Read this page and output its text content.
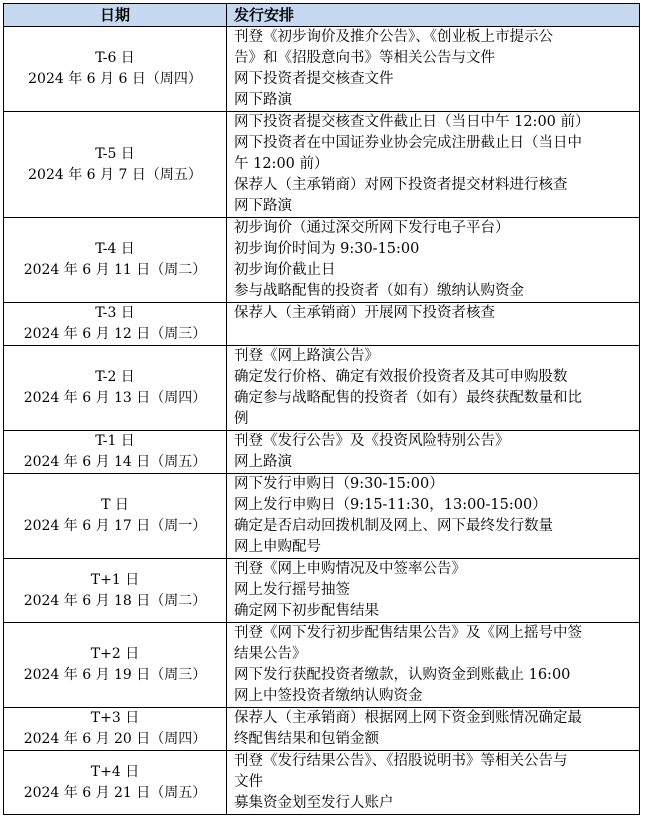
日期	发行安排

T-6 日
2024 年 6 月 6 日（周四）	刊登《初步询价及推介公告》、《创业板上市提示公
告》和《招股意向书》等相关公告与文件
网下投资者提交核查文件
网下路演

T-5 日
2024 年 6 月 7 日（周五）	网下投资者提交核查文件截止日（当日中午 12:00 前）
网下投资者在中国证券业协会完成注册截止日（当日中
午 12:00 前）
保荐人（主承销商）对网下投资者提交材料进行核查
网下路演

T-4 日
2024 年 6 月 11 日（周二）	初步询价（通过深交所网下发行电子平台）
初步询价时间为 9:30-15:00
初步询价截止日
参与战略配售的投资者（如有）缴纳认购资金

T-3 日
2024 年 6 月 12 日（周三）	保荐人（主承销商）开展网下投资者核查

T-2 日
2024 年 6 月 13 日（周四）	刊登《网上路演公告》
确定发行价格、确定有效报价投资者及其可申购股数
确定参与战略配售的投资者（如有）最终获配数量和比
例

T-1 日
2024 年 6 月 14 日（周五）	刊登《发行公告》及《投资风险特别公告》
网上路演

T 日
2024 年 6 月 17 日（周一）	网下发行申购日（9:30-15:00）
网上发行申购日（9:15-11:30，13:00-15:00）
确定是否启动回拨机制及网上、网下最终发行数量
网上申购配号

T+1 日
2024 年 6 月 18 日（周二）	刊登《网上申购情况及中签率公告》
网上发行摇号抽签
确定网下初步配售结果

T+2 日
2024 年 6 月 19 日（周三）	刊登《网下发行初步配售结果公告》及《网上摇号中签
结果公告》
网下发行获配投资者缴款，认购资金到账截止 16:00
网上中签投资者缴纳认购资金

T+3 日
2024 年 6 月 20 日（周四）	保荐人（主承销商）根据网上网下资金到账情况确定最
终配售结果和包销金额

T+4 日
2024 年 6 月 21 日（周五）	刊登《发行结果公告》、《招股说明书》等相关公告与
文件
募集资金划至发行人账户
